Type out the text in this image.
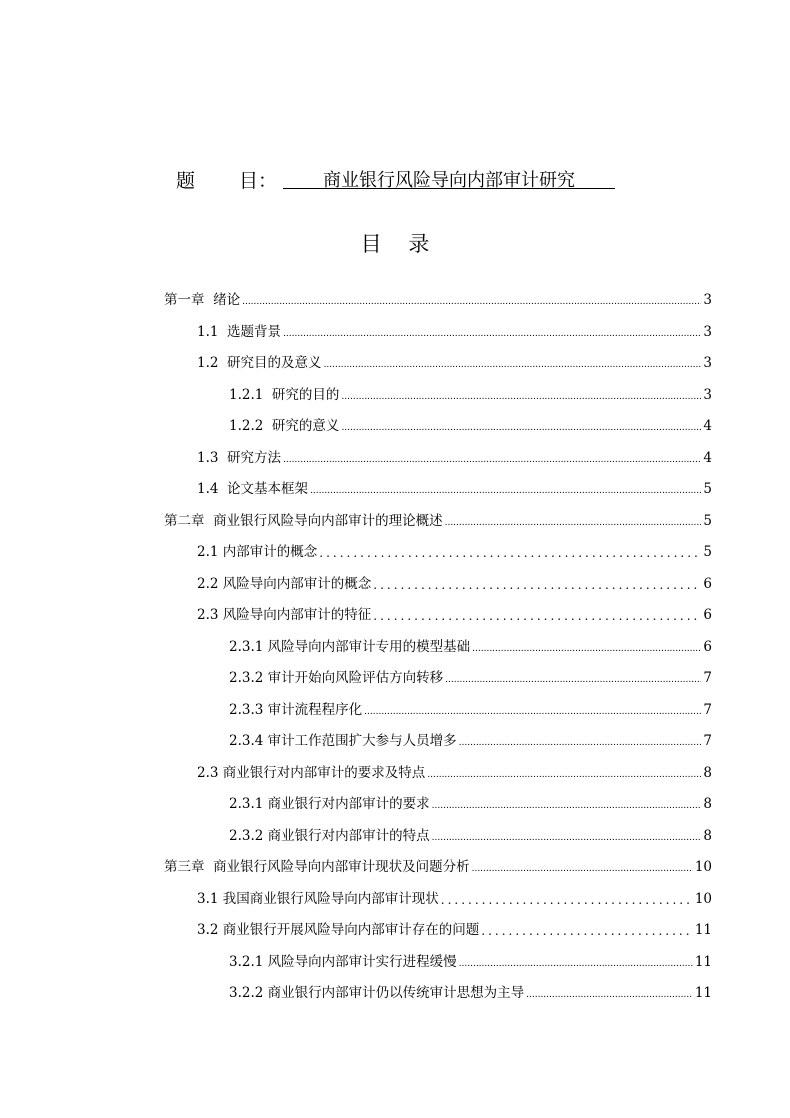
题 目：	商业银行风险导向内部审计研究
目 录
第一章  绪论 .....	3
1.1  选题背景 .....	3
1.2  研究目的及意义 .....	3
1.2.1  研究的目的 .....	3
1.2.2  研究的意义 .....	4
1.3  研究方法 .....	4
1.4  论文基本框架 .....	5
第二章  商业银行风险导向内部审计的理论概述 .....	5
2.1 内部审计的概念 .....	5
2.2 风险导向内部审计的概念 .....	6
2.3 风险导向内部审计的特征 .....	6
2.3.1 风险导向内部审计专用的模型基础 .....	6
2.3.2 审计开始向风险评估方向转移 .....	7
2.3.3 审计流程程序化 .....	7
2.3.4 审计工作范围扩大参与人员增多 .....	7
2.3 商业银行对内部审计的要求及特点 .....	8
2.3.1 商业银行对内部审计的要求 .....	8
2.3.2 商业银行对内部审计的特点 .....	8
第三章  商业银行风险导向内部审计现状及问题分析 .....	10
3.1 我国商业银行风险导向内部审计现状 .....	10
3.2 商业银行开展风险导向内部审计存在的问题 .....	11
3.2.1 风险导向内部审计实行进程缓慢 .....	11
3.2.2 商业银行内部审计仍以传统审计思想为主导 .....	11
